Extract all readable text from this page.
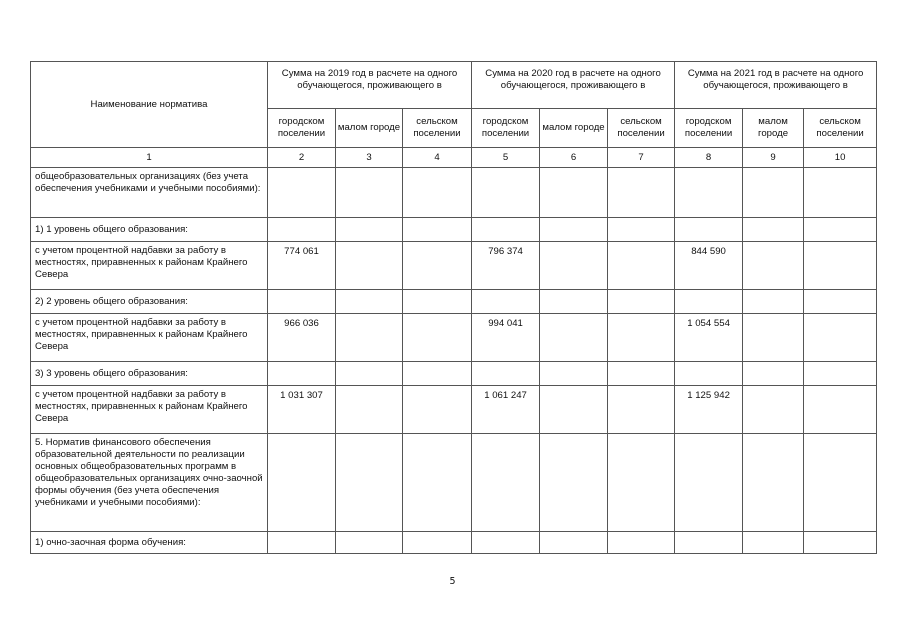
Наименование норматива	Сумма на 2019 год в расчете на одного обучающегося, проживающего в			Сумма на 2020 год в расчете на одного обучающегося, проживающего в			Сумма на 2021 год в расчете на одного обучающегося, проживающего в		
	городском поселении	малом городе	сельском поселении	городском поселении	малом городе	сельском поселении	городском поселении	малом городе	сельском поселении
1	2	3	4	5	6	7	8	9	10
общеобразовательных организациях (без учета обеспечения учебниками и учебными пособиями):									
1) 1 уровень общего образования:									
с учетом процентной надбавки за работу в местностях, приравненных к районам Крайнего Севера	774 061			796 374			844 590		
2) 2 уровень общего образования:									
с учетом процентной надбавки за работу в местностях, приравненных к районам Крайнего Севера	966 036			994 041			1 054 554		
3) 3 уровень общего образования:									
с учетом процентной надбавки за работу в местностях, приравненных к районам Крайнего Севера	1 031 307			1 061 247			1 125 942		
5. Норматив финансового обеспечения образовательной деятельности по реализации основных общеобразовательных программ в общеобразовательных организациях очно-заочной формы обучения (без учета обеспечения учебниками и учебными пособиями):									
1) очно-заочная форма обучения:									
5
